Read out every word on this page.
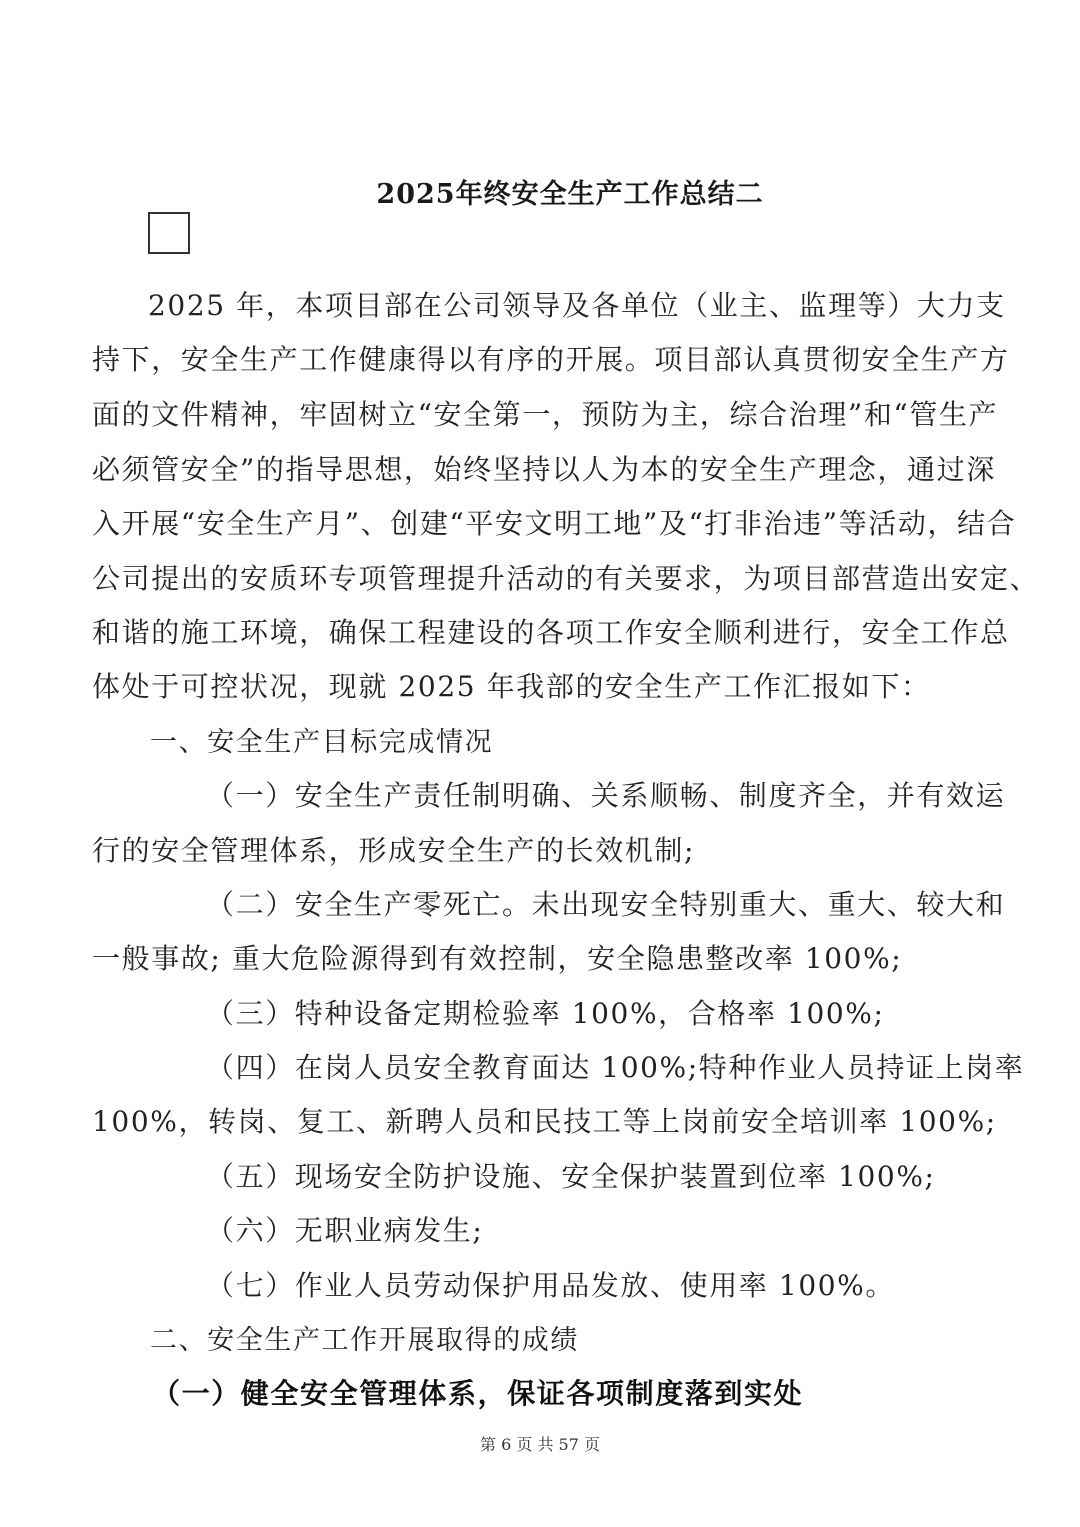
2025年终安全生产工作总结二
2025 年，本项目部在公司领导及各单位（业主、监理等）大力支
持下，安全生产工作健康得以有序的开展。项目部认真贯彻安全生产方
面的文件精神，牢固树立“安全第一，预防为主，综合治理”和“管生产
必须管安全”的指导思想，始终坚持以人为本的安全生产理念，通过深
入开展“安全生产月”、创建“平安文明工地”及“打非治违”等活动，结合
公司提出的安质环专项管理提升活动的有关要求，为项目部营造出安定、
和谐的施工环境，确保工程建设的各项工作安全顺利进行，安全工作总
体处于可控状况，现就 2025 年我部的安全生产工作汇报如下：
一、安全生产目标完成情况
（一）安全生产责任制明确、关系顺畅、制度齐全，并有效运
行的安全管理体系，形成安全生产的长效机制;
（二）安全生产零死亡。未出现安全特别重大、重大、较大和
一般事故; 重大危险源得到有效控制，安全隐患整改率 100%;
（三）特种设备定期检验率 100%，合格率 100%;
（四）在岗人员安全教育面达 100%;特种作业人员持证上岗率
100%，转岗、复工、新聘人员和民技工等上岗前安全培训率 100%;
（五）现场安全防护设施、安全保护装置到位率 100%;
（六）无职业病发生;
（七）作业人员劳动保护用品发放、使用率 100%。
二、安全生产工作开展取得的成绩
（一）健全安全管理体系，保证各项制度落到实处
第 6 页 共 57 页
